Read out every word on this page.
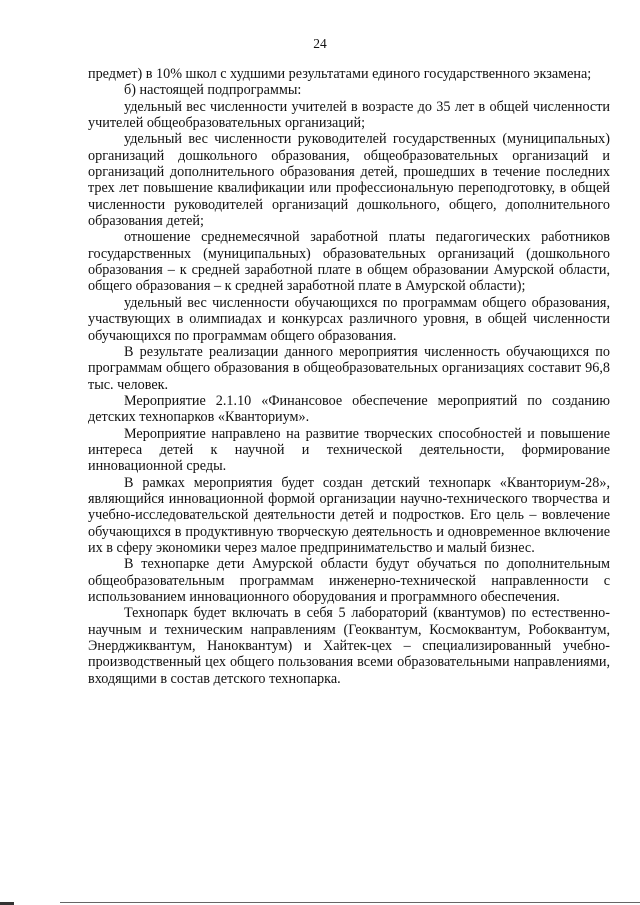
24

предмет) в 10% школ с худшими результатами единого государственного экзамена;

б) настоящей подпрограммы:

удельный вес численности учителей в возрасте до 35 лет в общей численности учителей общеобразовательных организаций;

удельный вес численности руководителей государственных (муниципальных) организаций дошкольного образования, общеобразовательных организаций и организаций дополнительного образования детей, прошедших в течение последних трех лет повышение квалификации или профессиональную переподготовку, в общей численности руководителей организаций дошкольного, общего, дополнительного образования детей;

отношение среднемесячной заработной платы педагогических работников государственных (муниципальных) образовательных организаций (дошкольного образования – к средней заработной плате в общем образовании Амурской области, общего образования – к средней заработной плате в Амурской области);

удельный вес численности обучающихся по программам общего образования, участвующих в олимпиадах и конкурсах различного уровня, в общей численности обучающихся по программам общего образования.

В результате реализации данного мероприятия численность обучающихся по программам общего образования в общеобразовательных организациях составит 96,8 тыс. человек.

Мероприятие 2.1.10 «Финансовое обеспечение мероприятий по созданию детских технопарков «Кванториум».

Мероприятие направлено на развитие творческих способностей и повышение интереса детей к научной и технической деятельности, формирование инновационной среды.

В рамках мероприятия будет создан детский технопарк «Кванториум-28», являющийся инновационной формой организации научно-технического творчества и учебно-исследовательской деятельности детей и подростков. Его цель – вовлечение обучающихся в продуктивную творческую деятельность и одновременное включение их в сферу экономики через малое предпринимательство и малый бизнес.

В технопарке дети Амурской области будут обучаться по дополнительным общеобразовательным программам инженерно-технической направленности с использованием инновационного оборудования и программного обеспечения.

Технопарк будет включать в себя 5 лабораторий (квантумов) по естественно-научным и техническим направлениям (Геоквантум, Космоквантум, Робоквантум, Энерджиквантум, Наноквантум) и Хайтек-цех – специализированный учебно-производственный цех общего пользования всеми образовательными направлениями, входящими в состав детского технопарка.
